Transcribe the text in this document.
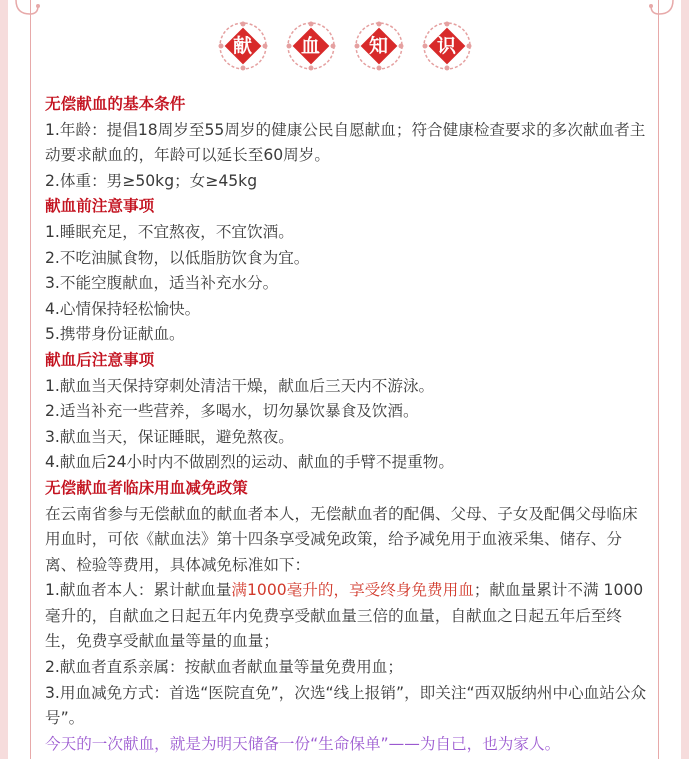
献	血	知	识

无偿献血的基本条件

1.年龄：提倡18周岁至55周岁的健康公民自愿献血；符合健康检查要求的多次献血者主动要求献血的，年龄可以延长至60周岁。

2.体重：男≥50kg；女≥45kg

献血前注意事项

1.睡眠充足，不宜熬夜，不宜饮酒。

2.不吃油腻食物，以低脂肪饮食为宜。

3.不能空腹献血，适当补充水分。

4.心情保持轻松愉快。

5.携带身份证献血。

献血后注意事项

1.献血当天保持穿刺处清洁干燥，献血后三天内不游泳。

2.适当补充一些营养，多喝水，切勿暴饮暴食及饮酒。

3.献血当天，保证睡眠，避免熬夜。

4.献血后24小时内不做剧烈的运动、献血的手臂不提重物。

无偿献血者临床用血减免政策

在云南省参与无偿献血的献血者本人，无偿献血者的配偶、父母、子女及配偶父母临床用血时，可依《献血法》第十四条享受减免政策，给予减免用于血液采集、储存、分离、检验等费用，具体减免标准如下：

1.献血者本人：累计献血量满1000毫升的，享受终身免费用血；献血量累计不满 1000 毫升的，自献血之日起五年内免费享受献血量三倍的血量，自献血之日起五年后至终生，免费享受献血量等量的血量；

2.献血者直系亲属：按献血者献血量等量免费用血；

3.用血减免方式：首选“医院直免”，次选“线上报销”，即关注“西双版纳州中心血站公众号”。

今天的一次献血，就是为明天储备一份“生命保单”——为自己，也为家人。
